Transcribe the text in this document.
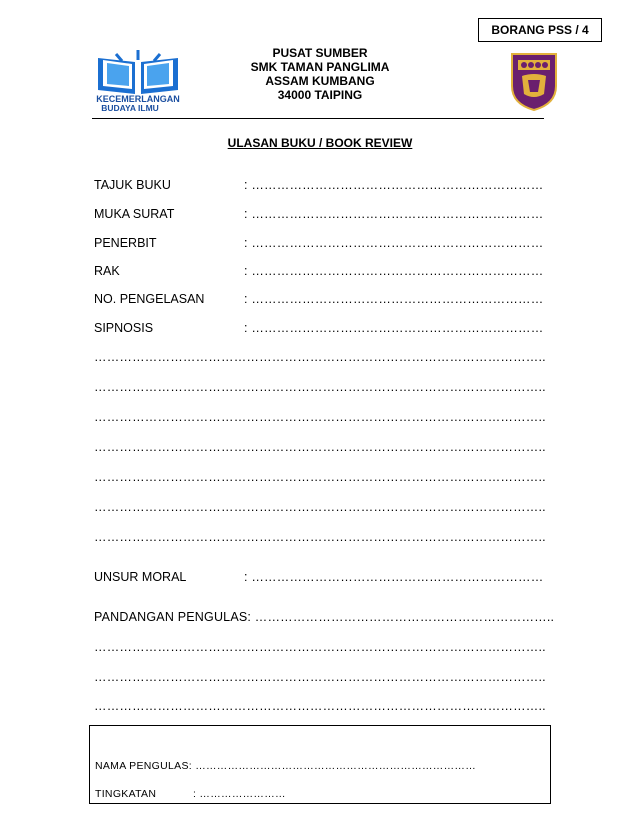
BORANG PSS / 4
KECEMERLANGAN
BUDAYA ILMU
PUSAT SUMBER
SMK TAMAN PANGLIMA
ASSAM KUMBANG
34000 TAIPING
ULASAN BUKU / BOOK REVIEW
TAJUK BUKU	: ……………………………………………………………
MUKA SURAT	: ……………………………………………………………
PENERBIT	: ……………………………………………………………
RAK	: ……………………………………………………………
NO. PENGELASAN	: ……………………………………………………………
SIPNOSIS	: ……………………………………………………………
……………………………………………………………………………………………..
……………………………………………………………………………………………..
……………………………………………………………………………………………..
……………………………………………………………………………………………..
……………………………………………………………………………………………..
……………………………………………………………………………………………..
……………………………………………………………………………………………..
UNSUR MORAL	: ……………………………………………………………
PANDANGAN PENGULAS: ……………………………………………………………..
……………………………………………………………………………………………..
……………………………………………………………………………………………..
……………………………………………………………………………………………..
NAMA PENGULAS: ……………………………………………………………………
TINGKATAN	: ……………………
